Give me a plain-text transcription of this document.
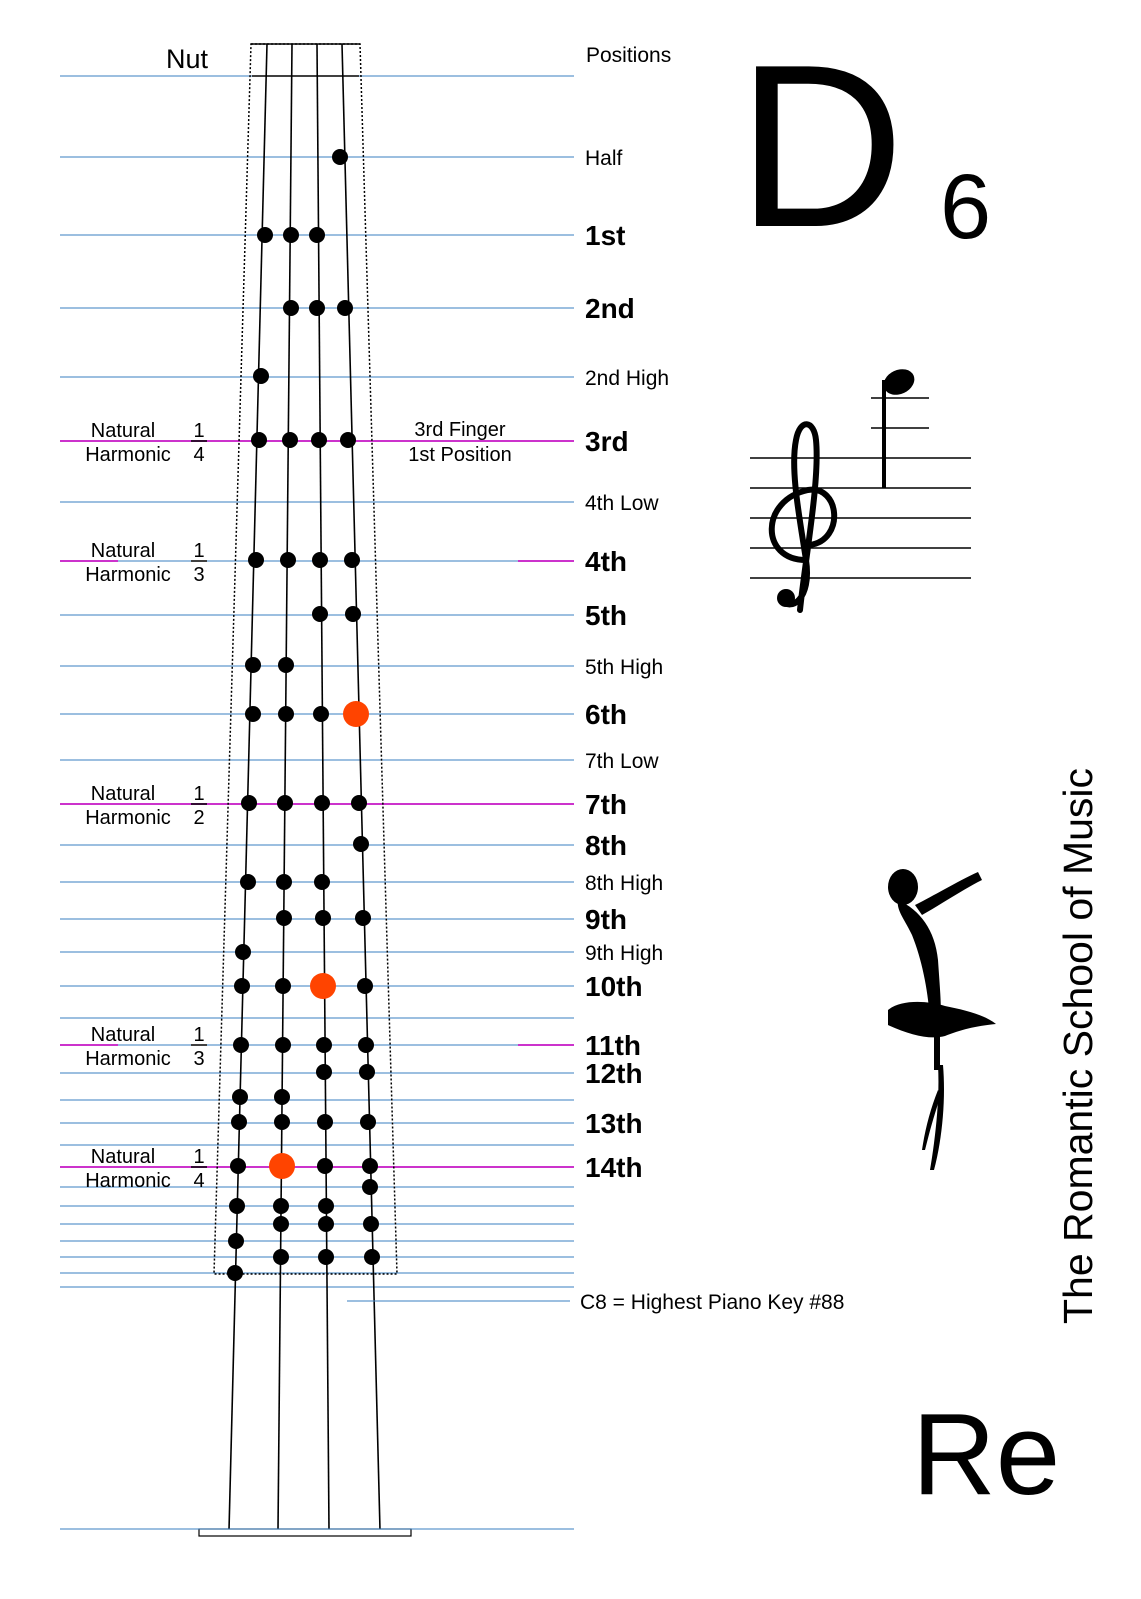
Nut	Positions
Half
1st
2nd
2nd High
3rd
4th Low
4th
5th
5th High
6th
7th Low
7th
8th
8th High
9th
9th High
10th
11th
12th
13th
14th
Natural
Harmonic
1
4
Natural
Harmonic
1
3
Natural
Harmonic
1
2
Natural
Harmonic
1
3
Natural
Harmonic
1
4
3rd Finger
1st Position
C8 = Highest Piano Key #88
D 6
Re
The Romantic School of Music
